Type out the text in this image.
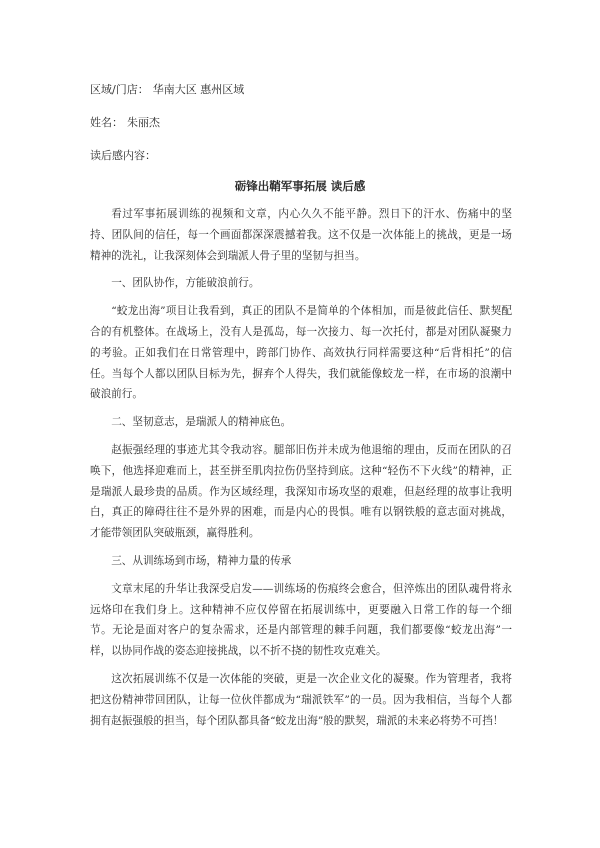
区域/门店： 华南大区 惠州区域
姓名： 朱丽杰
读后感内容：
砺锋出鞘军事拓展 读后感

看过军事拓展训练的视频和文章，内心久久不能平静。烈日下的汗水、伤痛中的坚持、团队间的信任，每一个画面都深深震撼着我。这不仅是一次体能上的挑战，更是一场精神的洗礼，让我深刻体会到瑞派人骨子里的坚韧与担当。

一、团队协作，方能破浪前行。

“蛟龙出海”项目让我看到，真正的团队不是简单的个体相加，而是彼此信任、默契配合的有机整体。在战场上，没有人是孤岛，每一次接力、每一次托付，都是对团队凝聚力的考验。正如我们在日常管理中，跨部门协作、高效执行同样需要这种“后背相托”的信任。当每个人都以团队目标为先，摒弃个人得失，我们就能像蛟龙一样，在市场的浪潮中破浪前行。

二、坚韧意志，是瑞派人的精神底色。

赵振强经理的事迹尤其令我动容。腿部旧伤并未成为他退缩的理由，反而在团队的召唤下，他选择迎难而上，甚至拼至肌肉拉伤仍坚持到底。这种“轻伤不下火线”的精神，正是瑞派人最珍贵的品质。作为区域经理，我深知市场攻坚的艰难，但赵经理的故事让我明白，真正的障碍往往不是外界的困难，而是内心的畏惧。唯有以钢铁般的意志面对挑战，才能带领团队突破瓶颈，赢得胜利。

三、从训练场到市场，精神力量的传承

文章末尾的升华让我深受启发——训练场的伤痕终会愈合，但淬炼出的团队魂骨将永远烙印在我们身上。这种精神不应仅停留在拓展训练中，更要融入日常工作的每一个细节。无论是面对客户的复杂需求，还是内部管理的棘手问题，我们都要像“蛟龙出海”一样，以协同作战的姿态迎接挑战，以不折不挠的韧性攻克难关。

这次拓展训练不仅是一次体能的突破，更是一次企业文化的凝聚。作为管理者，我将把这份精神带回团队，让每一位伙伴都成为“瑞派铁军”的一员。因为我相信，当每个人都拥有赵振强般的担当，每个团队都具备“蛟龙出海”般的默契，瑞派的未来必将势不可挡！
